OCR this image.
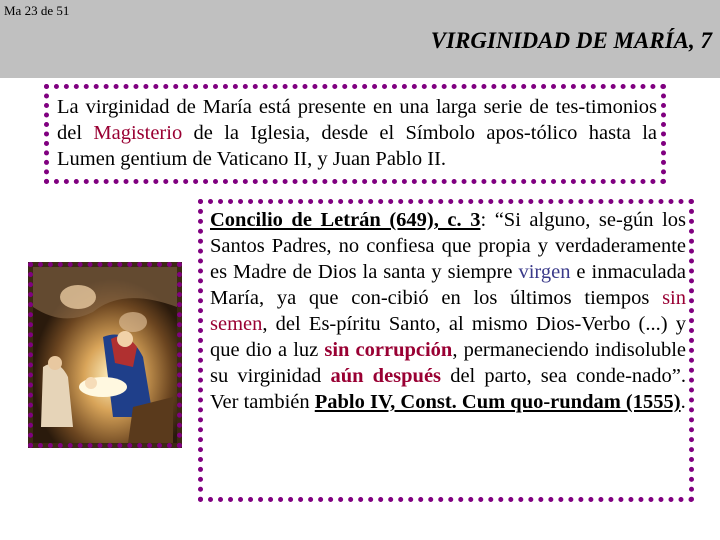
Ma 23 de 51
VIRGINIDAD DE MARÍA, 7
La virginidad de María está presente en una larga serie de tes-timonios del Magisterio de la Iglesia, desde el Símbolo apos-tólico hasta la Lumen gentium de Vaticano II, y Juan Pablo II.
Concilio de Letrán (649), c. 3: “Si alguno, se-gún los Santos Padres, no confiesa que propia y verdaderamente es Madre de Dios la santa y siempre virgen e inmaculada María, ya que con-cibió en los últimos tiempos sin semen, del Es-píritu Santo, al mismo Dios-Verbo (...) y que dio a luz sin corrupción, permaneciendo indisoluble su virginidad aún después del parto, sea conde-nado”. Ver también Pablo IV, Const. Cum quo-rundam (1555).
